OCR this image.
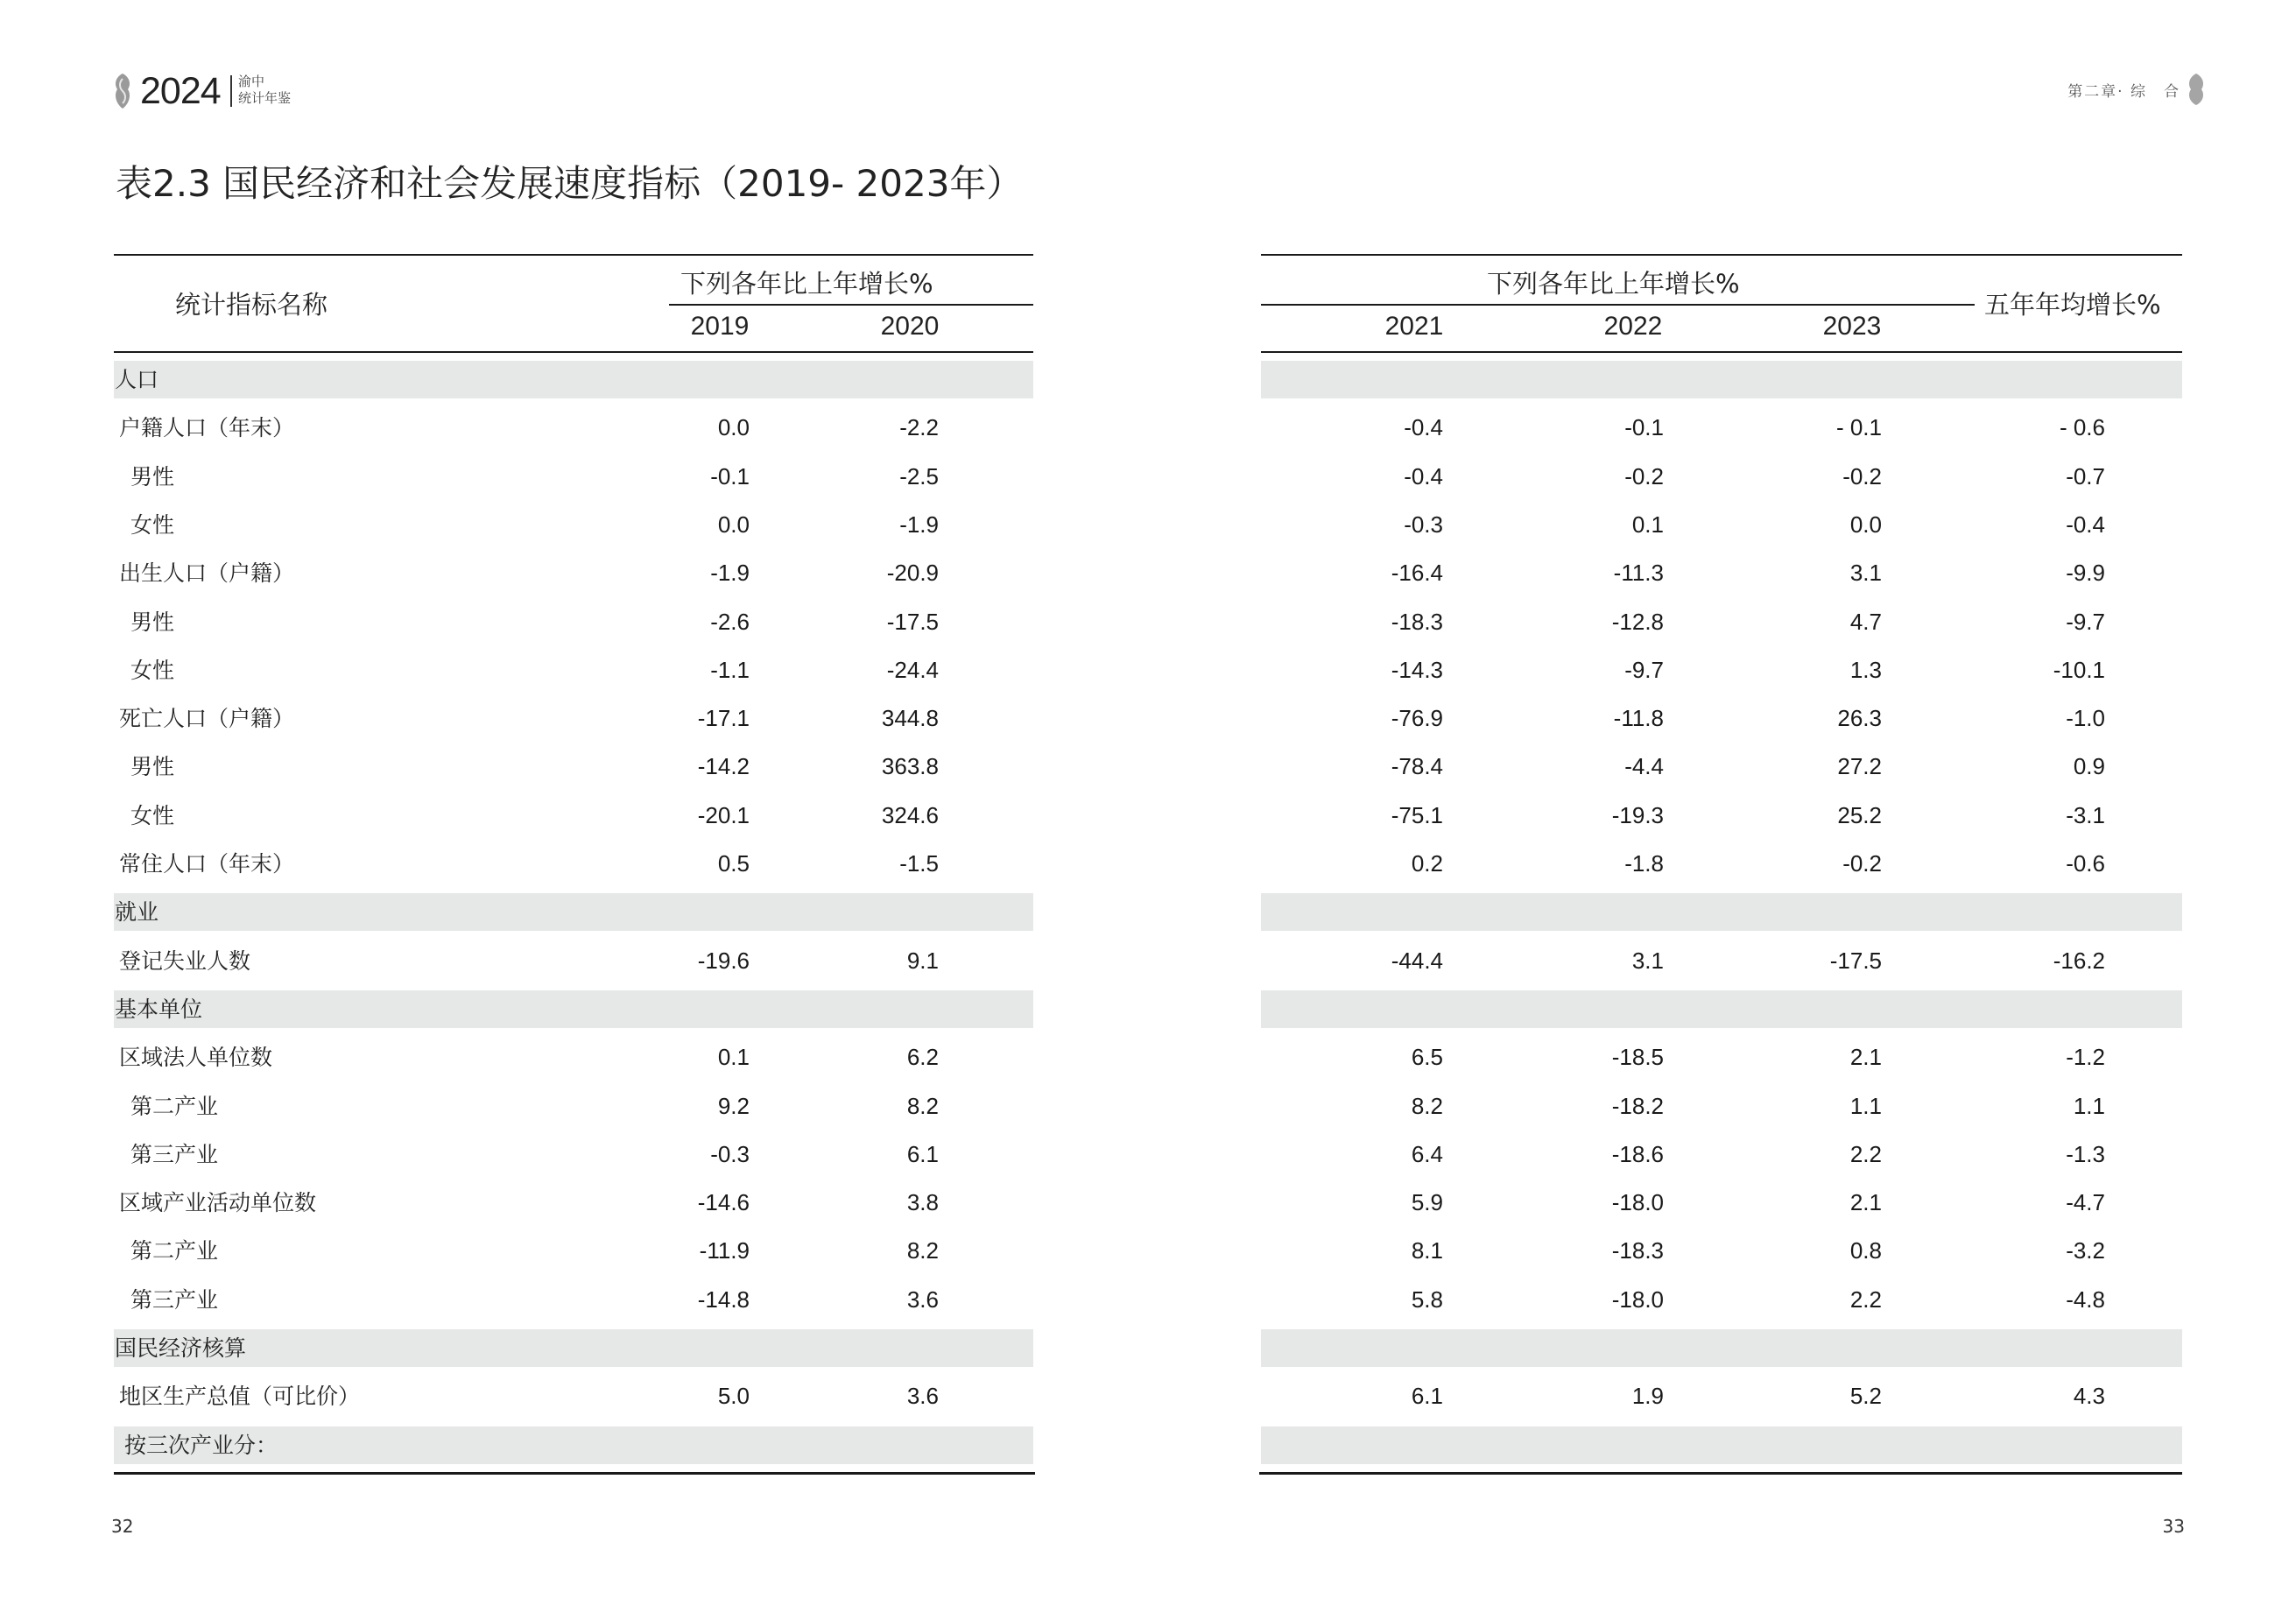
2024 渝中
统计年鉴	第二章· 综　合
表2.3 国民经济和社会发展速度指标（2019- 2023年）
统计指标名称
下列各年比上年增长%	下列各年比上年增长%
五年年均增长%
2019	2020	2021	2022	2023
人口
户籍人口（年末）	0.0	-2.2	-0.4	-0.1	- 0.1	- 0.6
男性	-0.1	-2.5	-0.4	-0.2	-0.2	-0.7
女性	0.0	-1.9	-0.3	0.1	0.0	-0.4
出生人口（户籍）	-1.9	-20.9	-16.4	-11.3	3.1	-9.9
男性	-2.6	-17.5	-18.3	-12.8	4.7	-9.7
女性	-1.1	-24.4	-14.3	-9.7	1.3	-10.1
死亡人口（户籍）	-17.1	344.8	-76.9	-11.8	26.3	-1.0
男性	-14.2	363.8	-78.4	-4.4	27.2	0.9
女性	-20.1	324.6	-75.1	-19.3	25.2	-3.1
常住人口（年末）	0.5	-1.5	0.2	-1.8	-0.2	-0.6
就业
登记失业人数	-19.6	9.1	-44.4	3.1	-17.5	-16.2
基本单位
区域法人单位数	0.1	6.2	6.5	-18.5	2.1	-1.2
第二产业	9.2	8.2	8.2	-18.2	1.1	1.1
第三产业	-0.3	6.1	6.4	-18.6	2.2	-1.3
区域产业活动单位数	-14.6	3.8	5.9	-18.0	2.1	-4.7
第二产业	-11.9	8.2	8.1	-18.3	0.8	-3.2
第三产业	-14.8	3.6	5.8	-18.0	2.2	-4.8
国民经济核算
地区生产总值（可比价）	5.0	3.6	6.1	1.9	5.2	4.3
按三次产业分：
32	33
